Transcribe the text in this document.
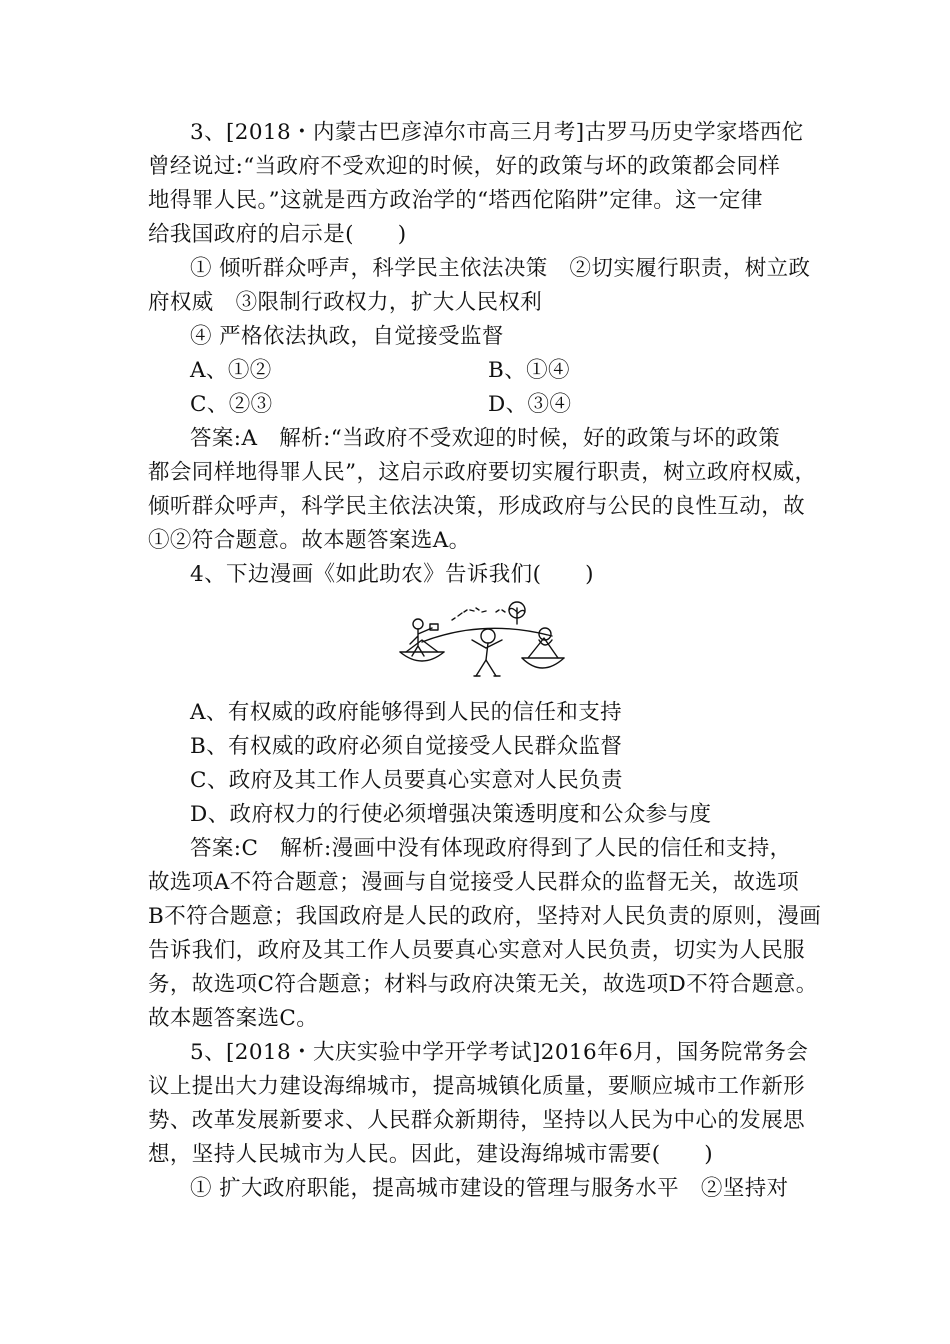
3、[2018・内蒙古巴彦淖尔市高三月考]古罗马历史学家塔西佗
曾经说过:“当政府不受欢迎的时候，好的政策与坏的政策都会同样
地得罪人民。”这就是西方政治学的“塔西佗陷阱”定律。这一定律
给我国政府的启示是(　　)
① 倾听群众呼声，科学民主依法决策　②切实履行职责，树立政
府权威　③限制行政权力，扩大人民权利
④ 严格依法执政，自觉接受监督
A、①②	B、①④
C、②③	D、③④
答案:A　解析:“当政府不受欢迎的时候，好的政策与坏的政策
都会同样地得罪人民”，这启示政府要切实履行职责，树立政府权威，
倾听群众呼声，科学民主依法决策，形成政府与公民的良性互动，故
①②符合题意。故本题答案选A。
4、下边漫画《如此助农》告诉我们(　　)
A、有权威的政府能够得到人民的信任和支持
B、有权威的政府必须自觉接受人民群众监督
C、政府及其工作人员要真心实意对人民负责
D、政府权力的行使必须增强决策透明度和公众参与度
答案:C　解析:漫画中没有体现政府得到了人民的信任和支持，
故选项A不符合题意；漫画与自觉接受人民群众的监督无关，故选项
B不符合题意；我国政府是人民的政府，坚持对人民负责的原则，漫画
告诉我们，政府及其工作人员要真心实意对人民负责，切实为人民服
务，故选项C符合题意；材料与政府决策无关，故选项D不符合题意。
故本题答案选C。
5、[2018・大庆实验中学开学考试]2016年6月，国务院常务会
议上提出大力建设海绵城市，提高城镇化质量，要顺应城市工作新形
势、改革发展新要求、人民群众新期待，坚持以人民为中心的发展思
想，坚持人民城市为人民。因此，建设海绵城市需要(　　)
① 扩大政府职能，提高城市建设的管理与服务水平　②坚持对
